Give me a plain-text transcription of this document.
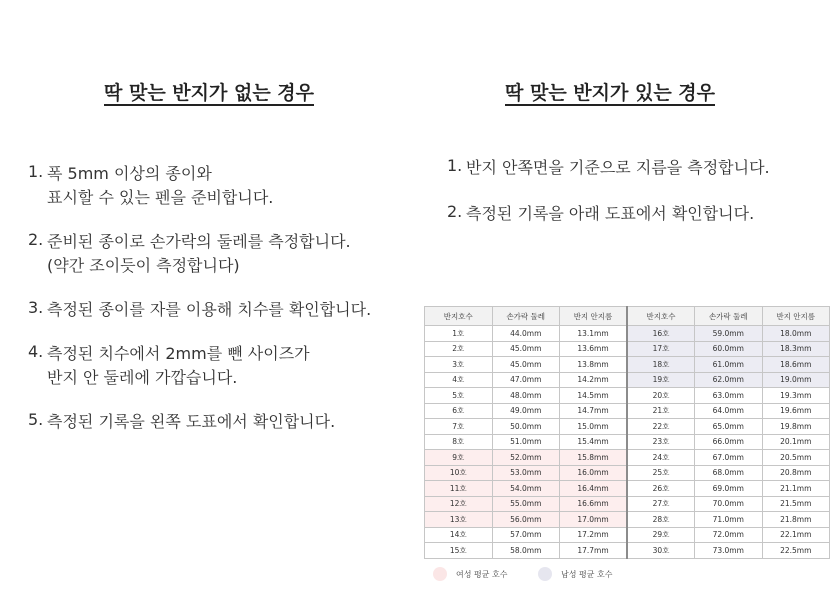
딱 맞는 반지가 없는 경우
1. 폭 5mm 이상의 종이와
표시할 수 있는 펜을 준비합니다.
2. 준비된 종이로 손가락의 둘레를 측정합니다.
(약간 조이듯이 측정합니다)
3. 측정된 종이를 자를 이용해 치수를 확인합니다.
4. 측정된 치수에서 2mm를 뺀 사이즈가
반지 안 둘레에 가깝습니다.
5. 측정된 기록을 왼쪽 도표에서 확인합니다.
딱 맞는 반지가 있는 경우
1. 반지 안쪽면을 기준으로 지름을 측정합니다.
2. 측정된 기록을 아래 도표에서 확인합니다.
반지호수	손가락 둘레	반지 안지름	반지호수	손가락 둘레	반지 안지름
1호	44.0mm	13.1mm	16호	59.0mm	18.0mm
2호	45.0mm	13.6mm	17호	60.0mm	18.3mm
3호	45.0mm	13.8mm	18호	61.0mm	18.6mm
4호	47.0mm	14.2mm	19호	62.0mm	19.0mm
5호	48.0mm	14.5mm	20호	63.0mm	19.3mm
6호	49.0mm	14.7mm	21호	64.0mm	19.6mm
7호	50.0mm	15.0mm	22호	65.0mm	19.8mm
8호	51.0mm	15.4mm	23호	66.0mm	20.1mm
9호	52.0mm	15.8mm	24호	67.0mm	20.5mm
10호	53.0mm	16.0mm	25호	68.0mm	20.8mm
11호	54.0mm	16.4mm	26호	69.0mm	21.1mm
12호	55.0mm	16.6mm	27호	70.0mm	21.5mm
13호	56.0mm	17.0mm	28호	71.0mm	21.8mm
14호	57.0mm	17.2mm	29호	72.0mm	22.1mm
15호	58.0mm	17.7mm	30호	73.0mm	22.5mm
여성 평균 호수	남성 평균 호수
